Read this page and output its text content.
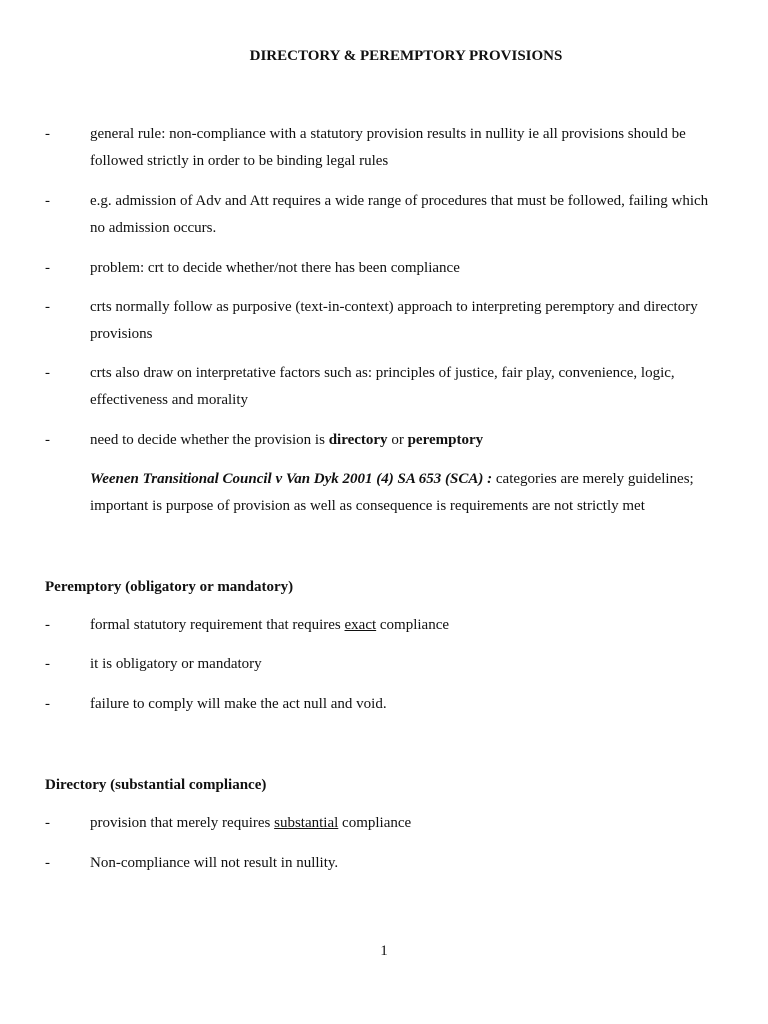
DIRECTORY & PEREMPTORY PROVISIONS
-	general rule: non-compliance with a statutory provision results in nullity ie all provisions should be followed strictly in order to be binding legal rules
-	e.g. admission of Adv and Att requires a wide range of procedures that must be followed, failing which no admission occurs.
-	problem: crt to decide whether/not there has been compliance
-	crts normally follow as purposive (text-in-context) approach to interpreting peremptory and directory provisions
-	crts also draw on interpretative factors such as: principles of justice, fair play, convenience, logic, effectiveness and morality
-	need to decide whether the provision is directory or peremptory
Weenen Transitional Council v Van Dyk 2001 (4) SA 653 (SCA) : categories are merely guidelines; important is purpose of provision as well as consequence is requirements are not strictly met
Peremptory (obligatory or mandatory)
-	formal statutory requirement that requires exact compliance
-	it is obligatory or mandatory
-	failure to comply will make the act null and void.
Directory (substantial compliance)
-	provision that merely requires substantial compliance
-	Non-compliance will not result in nullity.
1
